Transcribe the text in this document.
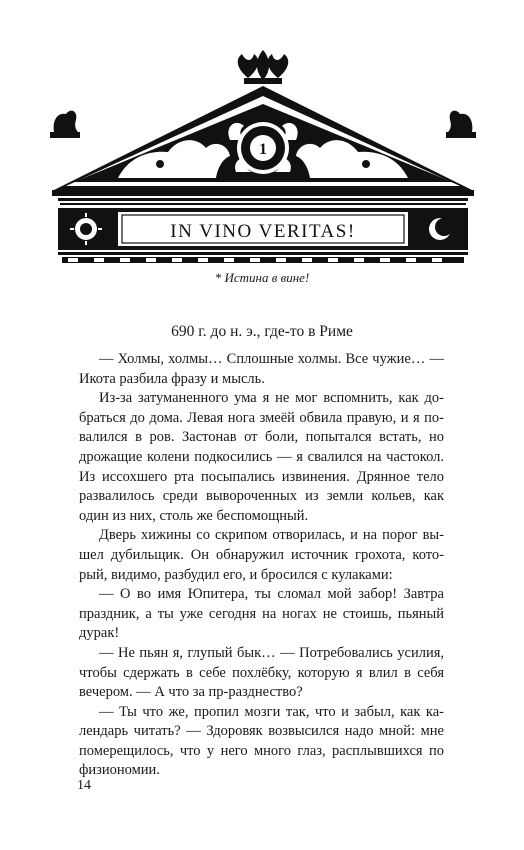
1
IN VINO VERITAS!
* Истина в вине!
690 г. до н. э., где-то в Риме

— Холмы, холмы… Сплошные холмы. Все чужие… — Икота разбила фразу и мысль.

Из-за затуманенного ума я не мог вспомнить, как добраться до дома. Левая нога змеёй обвила правую, и я повалился в ров. Застонав от боли, попытался встать, но дрожащие колени подкосились — я свалился на частокол. Из иссохшего рта посыпались извинения. Дрянное тело развалилось среди вывороченных из земли кольев, как один из них, столь же беспомощный.

Дверь хижины со скрипом отворилась, и на порог вышел дубильщик. Он обнаружил источник грохота, который, видимо, разбудил его, и бросился с кулаками:

— О во имя Юпитера, ты сломал мой забор! Завтра праздник, а ты уже сегодня на ногах не стоишь, пьяный дурак!

— Не пьян я, глупый бык… — Потребовались усилия, чтобы сдержать в себе похлёбку, которую я влил в себя вечером. — А что за пр-разднество?

— Ты что же, пропил мозги так, что и забыл, как календарь читать? — Здоровяк возвысился надо мной: мне померещилось, что у него много глаз, расплывшихся по физиономии.

14
